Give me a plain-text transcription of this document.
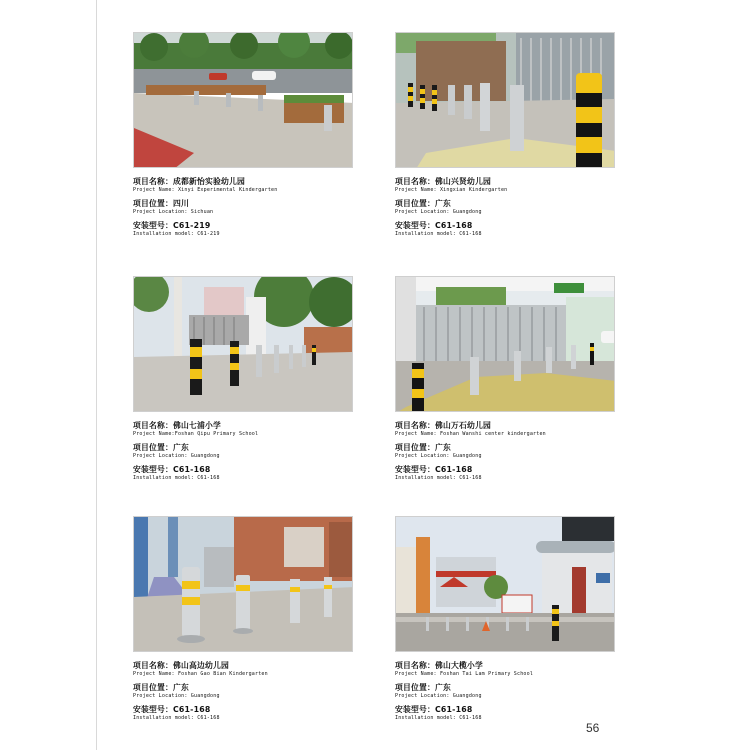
项目名称：成都新怡实验幼儿园
Project Name: Xinyi Experimental Kindergarten
项目位置：四川
Project Location: Sichuan
安装型号：C61-219
Installation model: C61-219
项目名称：佛山兴贤幼儿园
Project Name: Xingxian Kindergarten
项目位置：广东
Project Location: Guangdong
安装型号：C61-168
Installation model: C61-168
项目名称：佛山七浦小学
Project Name:Foshan Qipu Primary School
项目位置：广东
Project Location: Guangdong
安装型号：C61-168
Installation model: C61-168
项目名称：佛山万石幼儿园
Project Name: Foshan Wanshi center kindergarten
项目位置：广东
Project Location: Guangdong
安装型号：C61-168
Installation model: C61-168
项目名称：佛山高边幼儿园
Project Name: Foshan Gao Bian Kindergarten
项目位置：广东
Project Location: Guangdong
安装型号：C61-168
Installation model: C61-168
项目名称：佛山大榄小学
Project Name: Foshan Tai Lam Primary School
项目位置：广东
Project Location: Guangdong
安装型号：C61-168
Installation model: C61-168
56
